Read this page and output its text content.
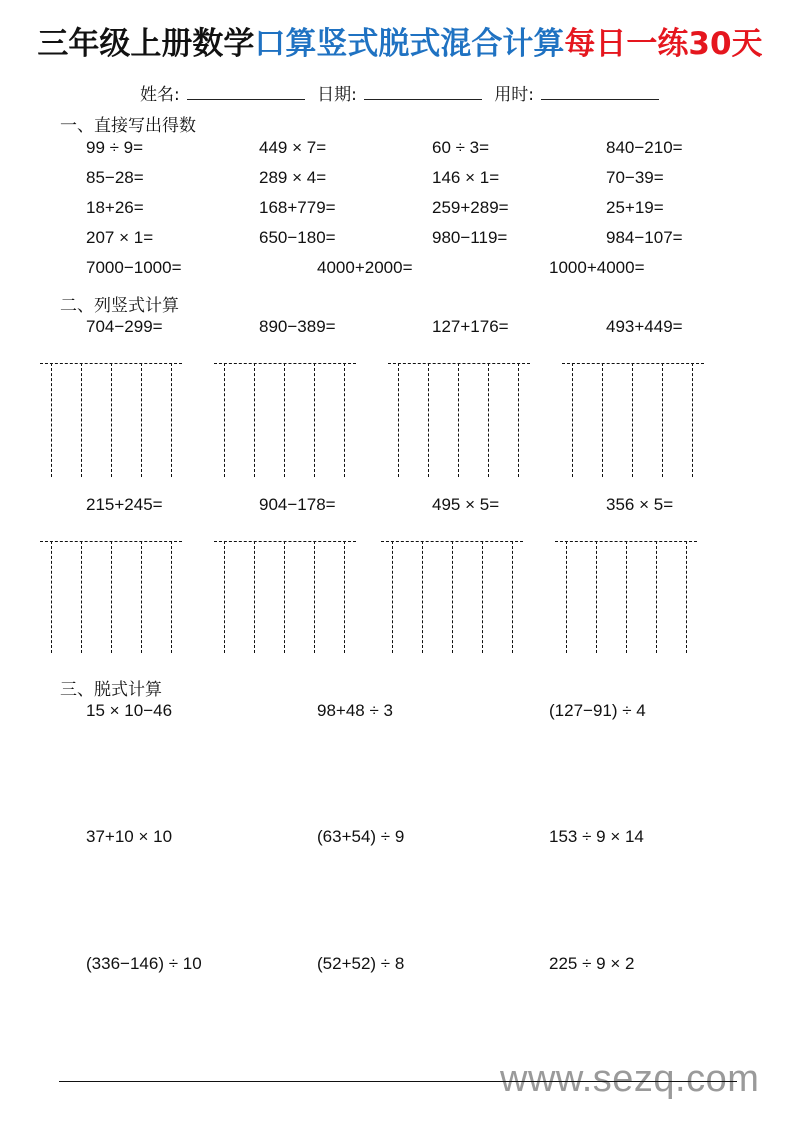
三年级上册数学口算竖式脱式混合计算每日一练30天
姓名:	日期:	用时:
一、直接写出得数
99 ÷ 9=	449 × 7=	60 ÷ 3=	840−210=
85−28=	289 × 4=	146 × 1=	70−39=
18+26=	168+779=	259+289=	25+19=
207 × 1=	650−180=	980−119=	984−107=
7000−1000=	4000+2000=	1000+4000=
二、列竖式计算
704−299=	890−389=	127+176=	493+449=
215+245=	904−178=	495 × 5=	356 × 5=
三、脱式计算
15 × 10−46	98+48 ÷ 3	(127−91) ÷ 4
37+10 × 10	(63+54) ÷ 9	153 ÷ 9 × 14
(336−146) ÷ 10	(52+52) ÷ 8	225 ÷ 9 × 2
www.sezq.com
